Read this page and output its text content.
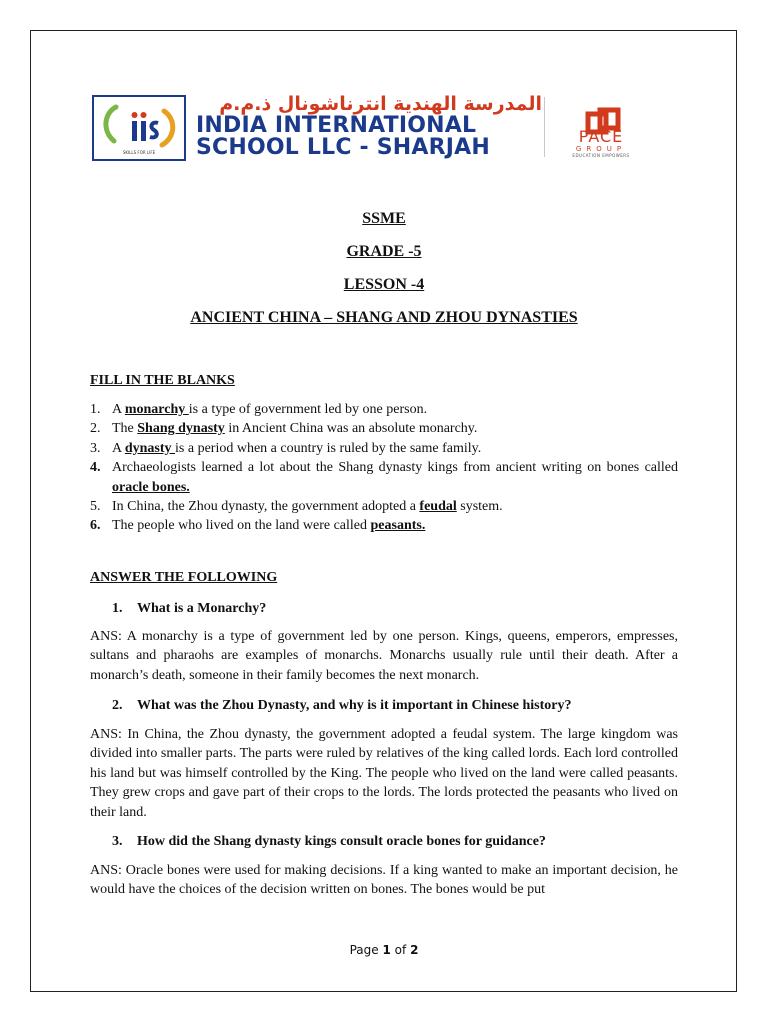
SKILLS FOR LIFE
المدرسة الهندية انترناشونال ذ.م.م
INDIA INTERNATIONAL
SCHOOL LLC - SHARJAH	PACE
GROUP
EDUCATION EMPOWERS
SSME
GRADE -5
LESSON -4
ANCIENT CHINA – SHANG AND ZHOU DYNASTIES
FILL IN THE BLANKS
1. A monarchy is a type of government led by one person.
2. The Shang dynasty in Ancient China was an absolute monarchy.
3. A dynasty is a period when a country is ruled by the same family.
4. Archaeologists learned a lot about the Shang dynasty kings from ancient writing on bones called oracle bones.
5. In China, the Zhou dynasty, the government adopted a feudal system.
6. The people who lived on the land were called peasants.
ANSWER THE FOLLOWING
1. What is a Monarchy?
ANS: A monarchy is a type of government led by one person. Kings, queens, emperors, empresses, sultans and pharaohs are examples of monarchs. Monarchs usually rule until their death. After a monarch’s death, someone in their family becomes the next monarch.
2. What was the Zhou Dynasty, and why is it important in Chinese history?
ANS: In China, the Zhou dynasty, the government adopted a feudal system. The large kingdom was divided into smaller parts. The parts were ruled by relatives of the king called lords. Each lord controlled his land but was himself controlled by the King. The people who lived on the land were called peasants. They grew crops and gave part of their crops to the lords. The lords protected the peasants who lived on their land.
3. How did the Shang dynasty kings consult oracle bones for guidance?
ANS: Oracle bones were used for making decisions. If a king wanted to make an important decision, he would have the choices of the decision written on bones. The bones would be put
Page 1 of 2
